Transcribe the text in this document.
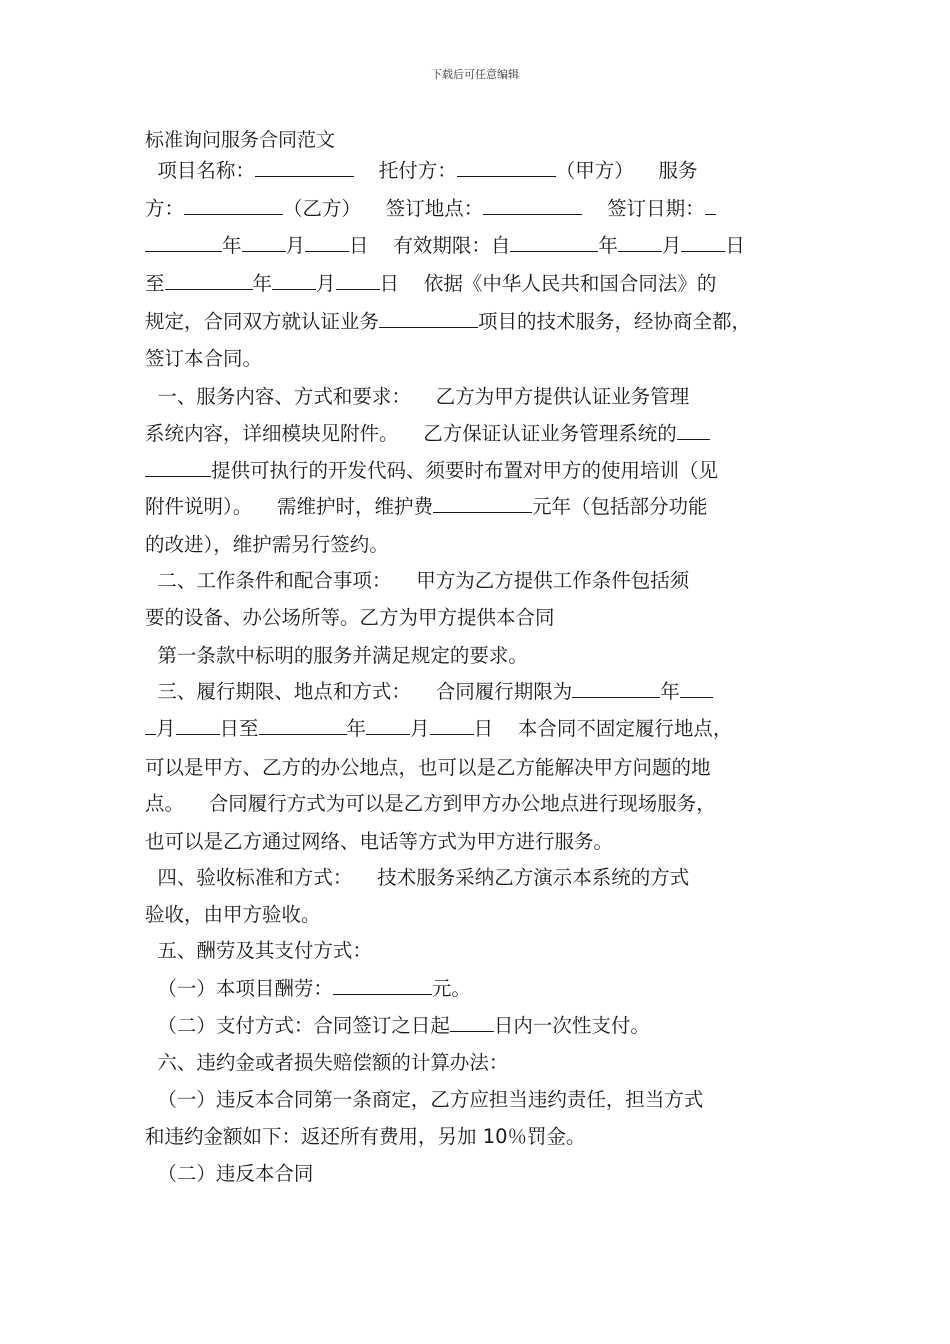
下载后可任意编辑
标准询问服务合同范文
项目名称：	托付方：	（甲方）    服务
方：	（乙方）    签订地点：	签订日期：
年 月 日    有效期限：自	年 月 日
至	年 月 日    依据《中华人民共和国合同法》的
规定，合同双方就认证业务	项目的技术服务，经协商全都，
签订本合同。
一、服务内容、方式和要求：    乙方为甲方提供认证业务管理
系统内容，详细模块见附件。    乙方保证认证业务管理系统的
提供可执行的开发代码、须要时布置对甲方的使用培训（见
附件说明）。    需维护时，维护费	元年（包括部分功能
的改进），维护需另行签约。
二、工作条件和配合事项：    甲方为乙方提供工作条件包括须
要的设备、办公场所等。乙方为甲方提供本合同
第一条款中标明的服务并满足规定的要求。
三、履行期限、地点和方式：    合同履行期限为	年
月 日至	年 月 日    本合同不固定履行地点，
可以是甲方、乙方的办公地点，也可以是乙方能解决甲方问题的地
点。    合同履行方式为可以是乙方到甲方办公地点进行现场服务，
也可以是乙方通过网络、电话等方式为甲方进行服务。
四、验收标准和方式：    技术服务采纳乙方演示本系统的方式
验收，由甲方验收。
五、酬劳及其支付方式：
（一）本项目酬劳：	元。
（二）支付方式：合同签订之日起 日内一次性支付。
六、违约金或者损失赔偿额的计算办法：
（一）违反本合同第一条商定，乙方应担当违约责任，担当方式
和违约金额如下：返还所有费用，另加 10％罚金。
（二）违反本合同
